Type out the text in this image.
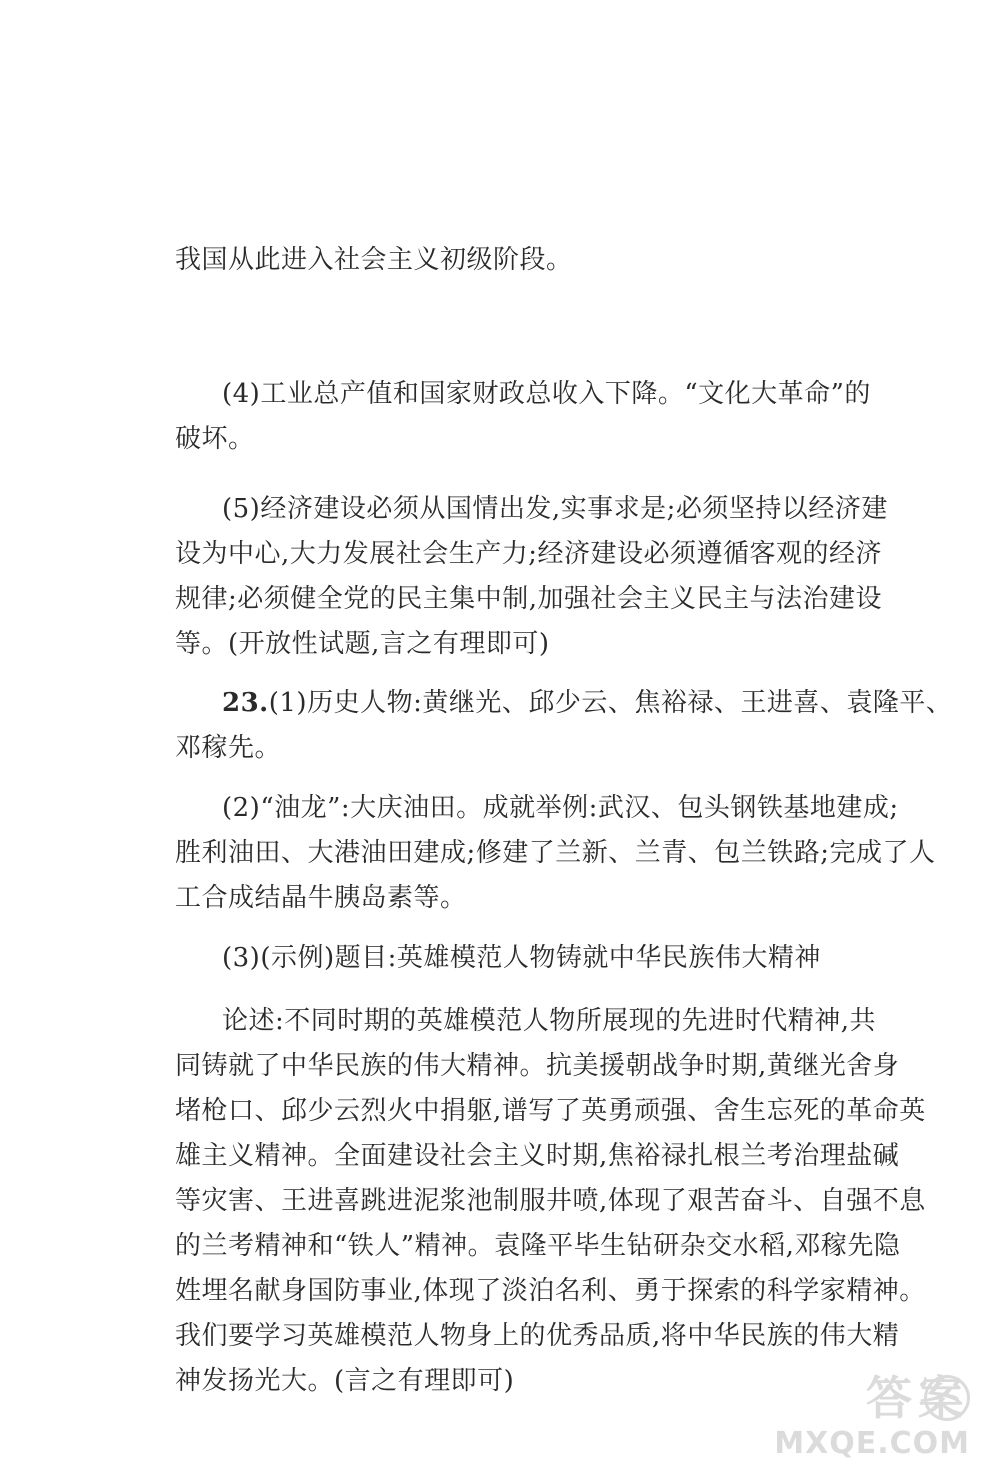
我国从此进入社会主义初级阶段。
(4)工业总产值和国家财政总收入下降。“文化大革命”的
破坏。
(5)经济建设必须从国情出发,实事求是;必须坚持以经济建
设为中心,大力发展社会生产力;经济建设必须遵循客观的经济
规律;必须健全党的民主集中制,加强社会主义民主与法治建设
等。(开放性试题,言之有理即可)
23.(1)历史人物:黄继光、邱少云、焦裕禄、王进喜、袁隆平、
邓稼先。
(2)“油龙”:大庆油田。成就举例:武汉、包头钢铁基地建成;
胜利油田、大港油田建成;修建了兰新、兰青、包兰铁路;完成了人
工合成结晶牛胰岛素等。
(3)(示例)题目:英雄模范人物铸就中华民族伟大精神
论述:不同时期的英雄模范人物所展现的先进时代精神,共
同铸就了中华民族的伟大精神。抗美援朝战争时期,黄继光舍身
堵枪口、邱少云烈火中捐躯,谱写了英勇顽强、舍生忘死的革命英
雄主义精神。全面建设社会主义时期,焦裕禄扎根兰考治理盐碱
等灾害、王进喜跳进泥浆池制服井喷,体现了艰苦奋斗、自强不息
的兰考精神和“铁人”精神。袁隆平毕生钻研杂交水稻,邓稼先隐
姓埋名献身国防事业,体现了淡泊名利、勇于探索的科学家精神。
我们要学习英雄模范人物身上的优秀品质,将中华民族的伟大精
神发扬光大。(言之有理即可)	答案
MXQE.COM
